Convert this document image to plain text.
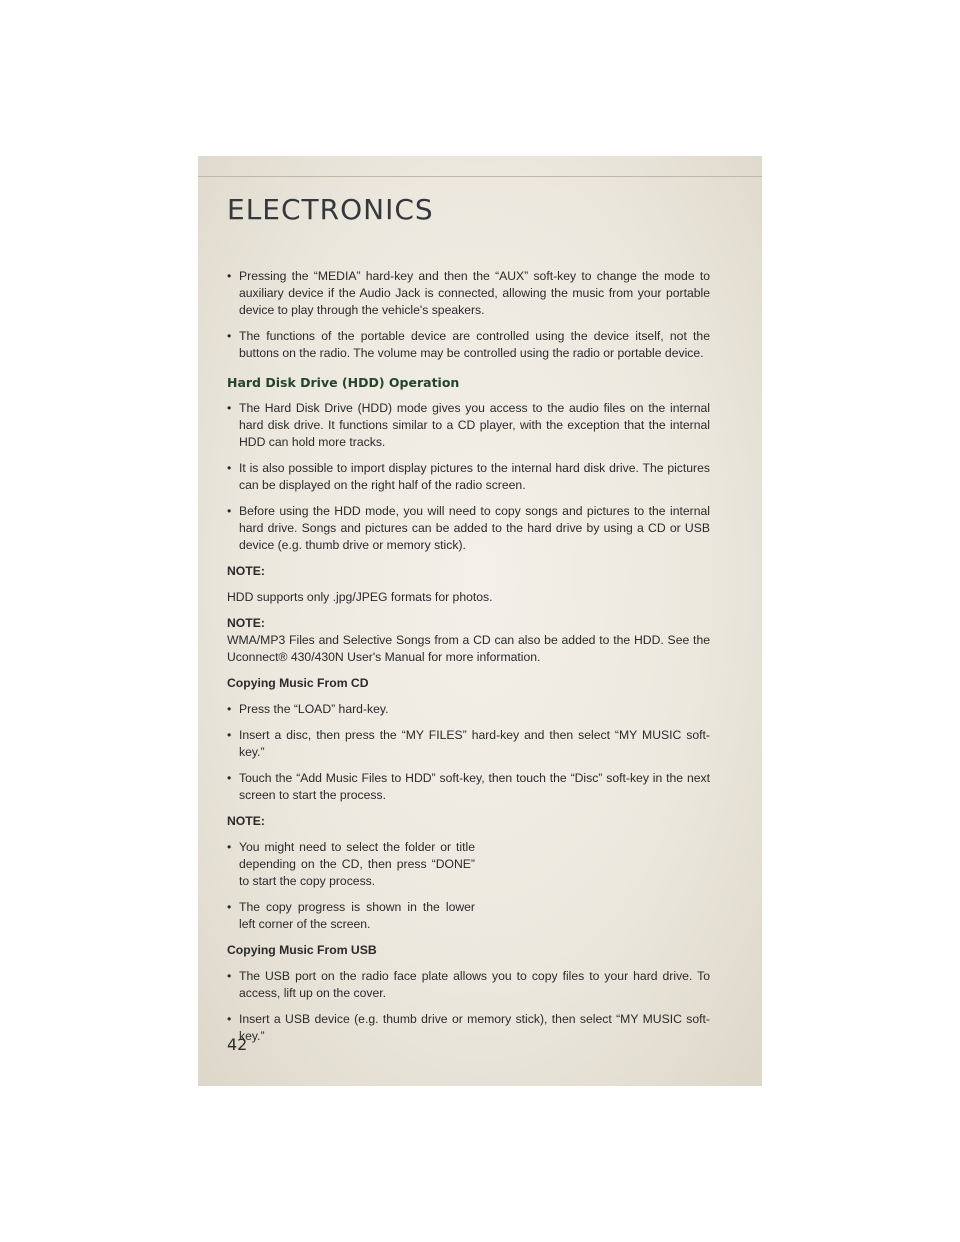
ELECTRONICS

• Pressing the “MEDIA” hard-key and then the “AUX” soft-key to change the mode to auxiliary device if the Audio Jack is connected, allowing the music from your portable device to play through the vehicle's speakers.

• The functions of the portable device are controlled using the device itself, not the buttons on the radio. The volume may be controlled using the radio or portable device.

Hard Disk Drive (HDD) Operation

• The Hard Disk Drive (HDD) mode gives you access to the audio files on the internal hard disk drive. It functions similar to a CD player, with the exception that the internal HDD can hold more tracks.

• It is also possible to import display pictures to the internal hard disk drive. The pictures can be displayed on the right half of the radio screen.

• Before using the HDD mode, you will need to copy songs and pictures to the internal hard drive. Songs and pictures can be added to the hard drive by using a CD or USB device (e.g. thumb drive or memory stick).

NOTE:

HDD supports only .jpg/JPEG formats for photos.

NOTE:

WMA/MP3 Files and Selective Songs from a CD can also be added to the HDD. See the Uconnect® 430/430N User's Manual for more information.

Copying Music From CD

• Press the “LOAD” hard-key.

• Insert a disc, then press the “MY FILES” hard-key and then select “MY MUSIC soft-key.”

• Touch the “Add Music Files to HDD” soft-key, then touch the “Disc” soft-key in the next screen to start the process.

NOTE:

• You might need to select the folder or title depending on the CD, then press “DONE” to start the copy process.

• The copy progress is shown in the lower left corner of the screen.

Copying Music From USB

• The USB port on the radio face plate allows you to copy files to your hard drive. To access, lift up on the cover.

• Insert a USB device (e.g. thumb drive or memory stick), then select “MY MUSIC soft-key.”

42
